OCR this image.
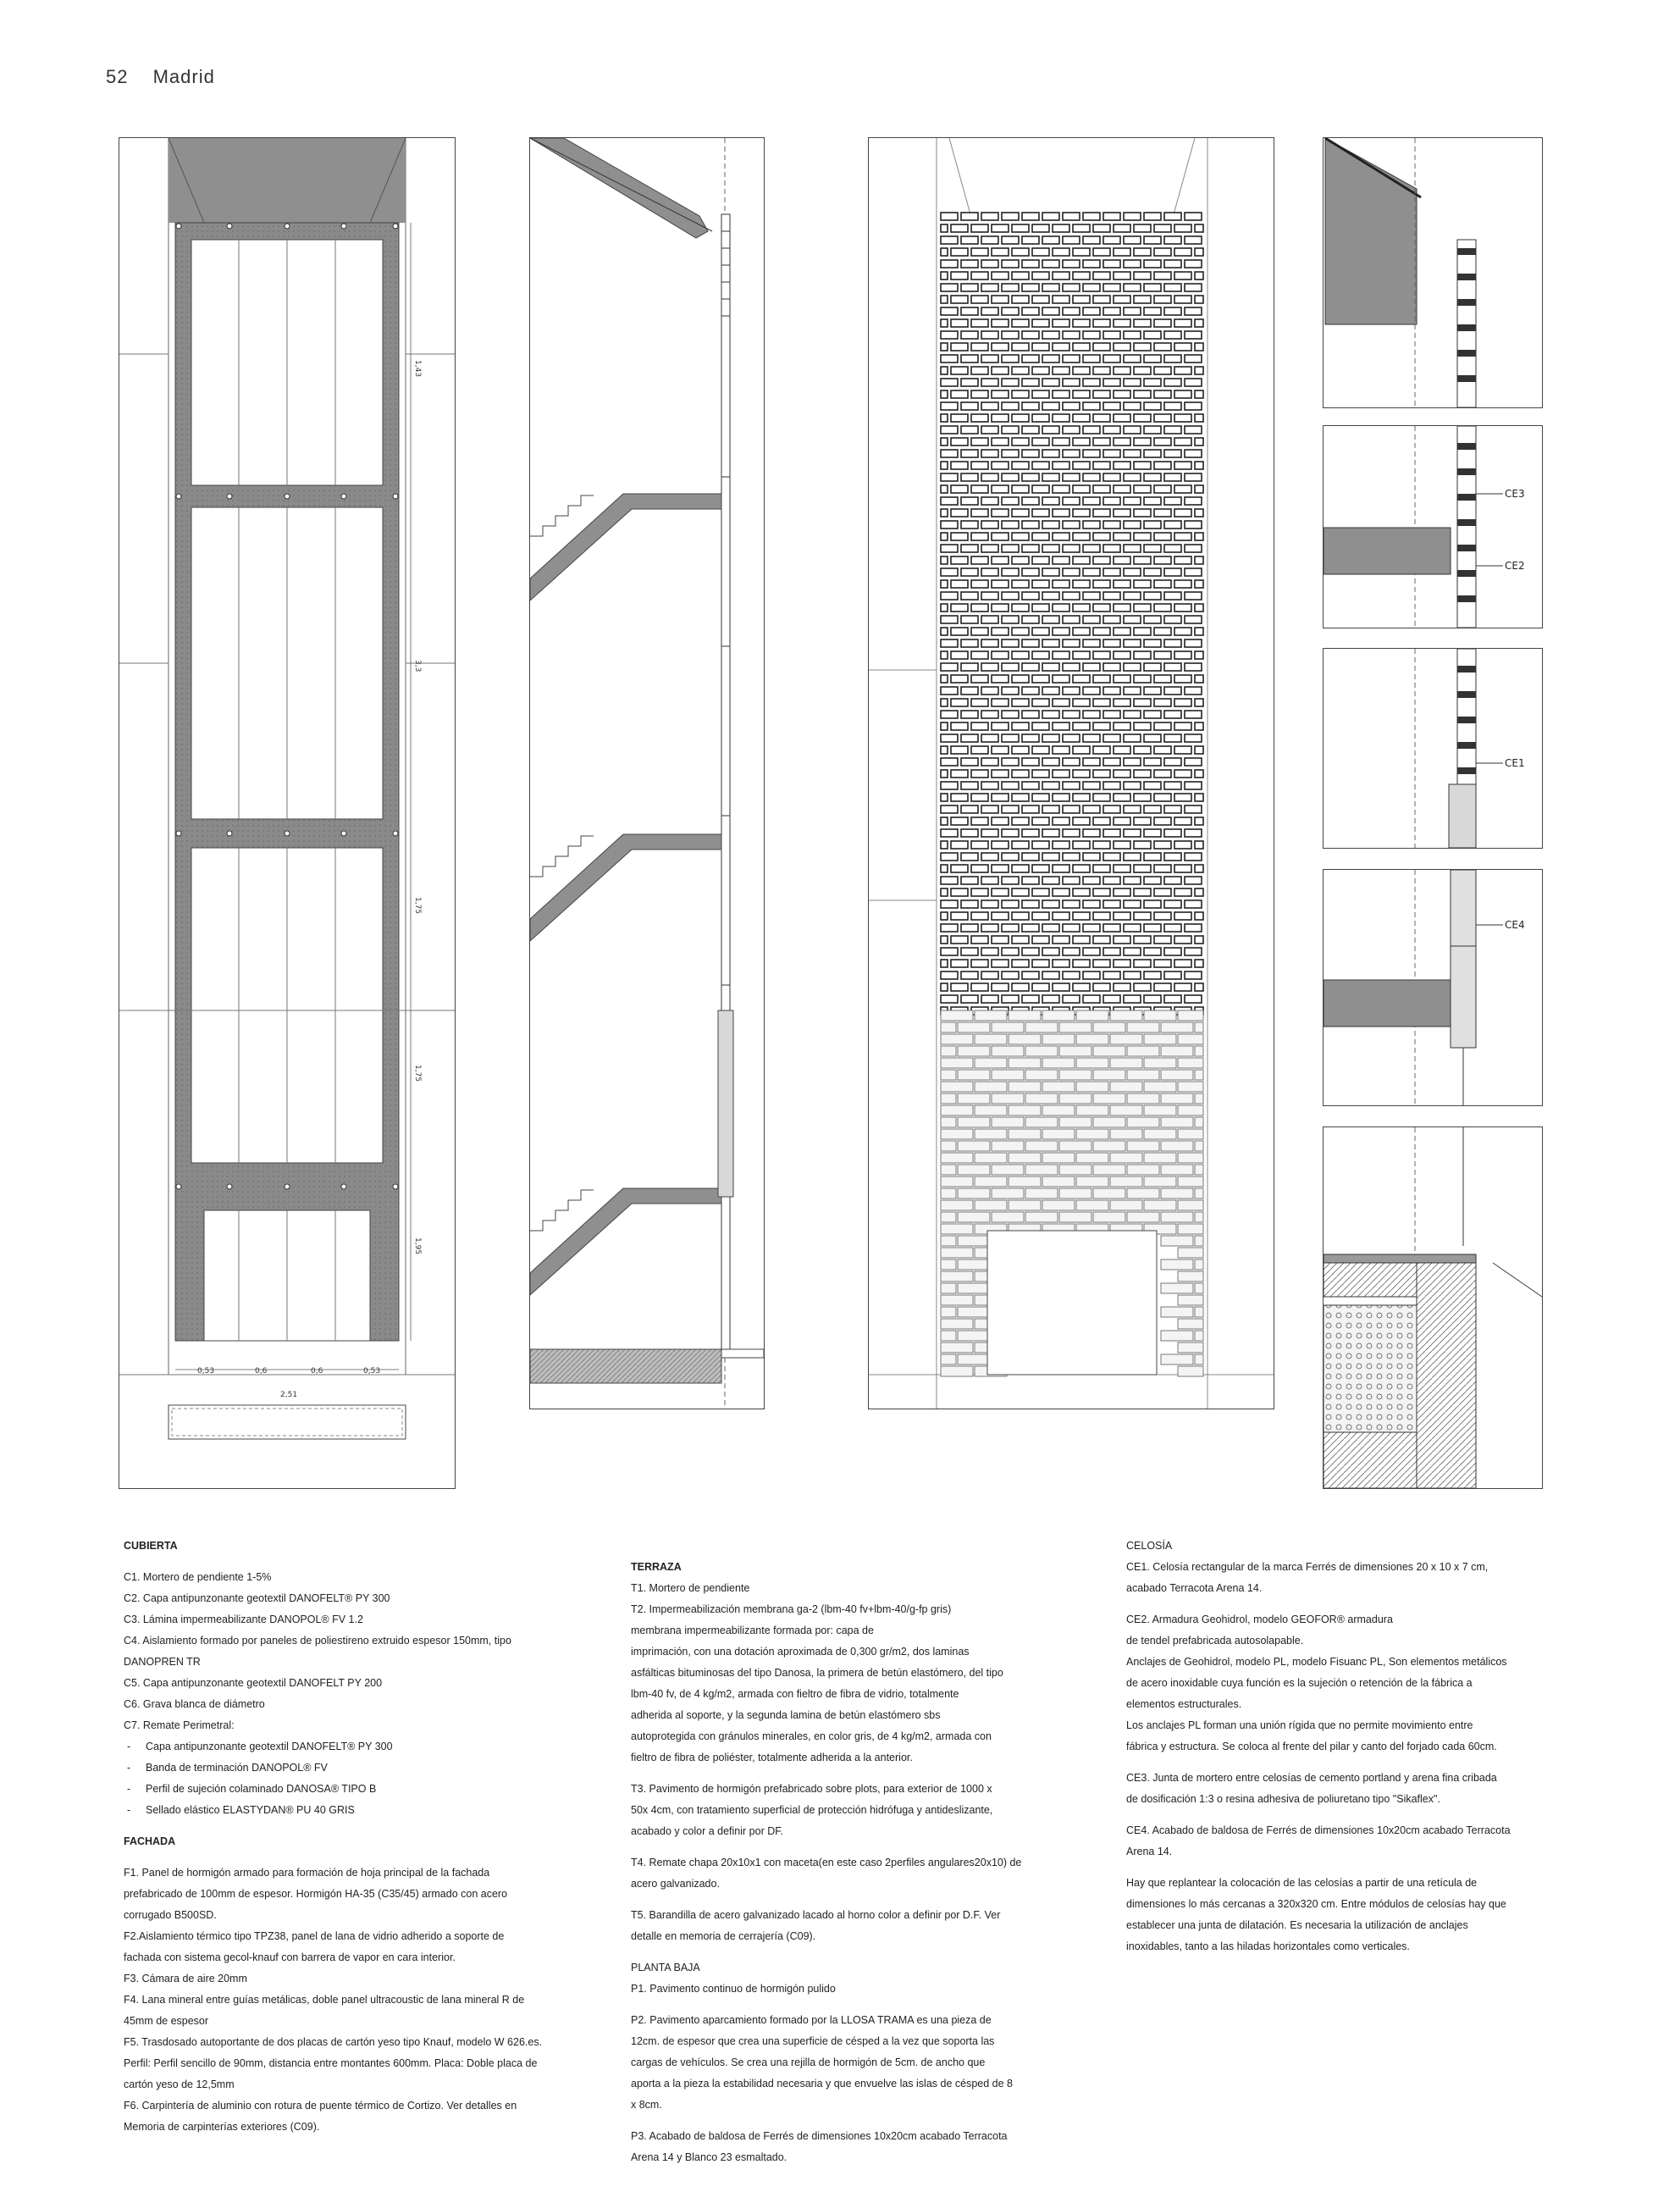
52 Madrid
1,43
3,3
1,75
1,75
1,95
0,53	0,6	0,6	0,53
2,51
CE3
CE2
CE1
CE4

CUBIERTA

C1. Mortero de pendiente 1-5%

C2. Capa antipunzonante geotextil DANOFELT® PY 300

C3. Lámina impermeabilizante DANOPOL® FV 1.2

C4. Aislamiento formado por paneles de poliestireno extruido espesor 150mm, tipo

DANOPREN TR

C5. Capa antipunzonante geotextil DANOFELT PY 200

C6. Grava blanca de diámetro

C7. Remate Perimetral:

- Capa antipunzonante geotextil DANOFELT® PY 300

- Banda de terminación DANOPOL® FV

- Perfil de sujeción colaminado DANOSA® TIPO B

- Sellado elástico ELASTYDAN® PU 40 GRIS

FACHADA

F1. Panel de hormigón armado para formación de hoja principal de la fachada

prefabricado de 100mm de espesor. Hormigón HA-35 (C35/45) armado con acero

corrugado B500SD.

F2.Aislamiento térmico tipo TPZ38, panel de lana de vidrio adherido a soporte de

fachada con sistema gecol-knauf con barrera de vapor en cara interior.

F3. Cámara de aire 20mm

F4. Lana mineral entre guías metálicas, doble panel ultracoustic de lana mineral R de

45mm de espesor

F5. Trasdosado autoportante de dos placas de cartón yeso tipo Knauf, modelo W 626.es.

Perfil: Perfil sencillo de 90mm, distancia entre montantes 600mm. Placa: Doble placa de

cartón yeso de 12,5mm

F6. Carpintería de aluminio con rotura de puente térmico de Cortizo. Ver detalles en

Memoria de carpinterías exteriores (C09).

TERRAZA

T1. Mortero de pendiente

T2. Impermeabilización membrana ga-2 (lbm-40 fv+lbm-40/g-fp gris)

membrana impermeabilizante formada por: capa de

imprimación, con una dotación aproximada de 0,300 gr/m2, dos laminas

asfálticas bituminosas del tipo Danosa, la primera de betún elastómero, del tipo

lbm-40 fv, de 4 kg/m2, armada con fieltro de fibra de vidrio, totalmente

adherida al soporte, y la segunda lamina de betún elastómero sbs

autoprotegida con gránulos minerales, en color gris, de 4 kg/m2, armada con

fieltro de fibra de poliéster, totalmente adherida a la anterior.

T3. Pavimento de hormigón prefabricado sobre plots, para exterior de 1000 x

50x 4cm, con tratamiento superficial de protección hidrófuga y antideslizante,

acabado y color a definir por DF.

T4. Remate chapa 20x10x1 con maceta(en este caso 2perfiles angulares20x10) de

acero galvanizado.

T5. Barandilla de acero galvanizado lacado al horno color a definir por D.F. Ver

detalle en memoria de cerrajería (C09).

PLANTA BAJA

P1. Pavimento continuo de hormigón pulido

P2. Pavimento aparcamiento formado por la LLOSA TRAMA es una pieza de

12cm. de espesor que crea una superficie de césped a la vez que soporta las

cargas de vehículos. Se crea una rejilla de hormigón de 5cm. de ancho que

aporta a la pieza la estabilidad necesaria y que envuelve las islas de césped de 8

x 8cm.

P3. Acabado de baldosa de Ferrés de dimensiones 10x20cm acabado Terracota

Arena 14 y Blanco 23 esmaltado.

CELOSÍA

CE1. Celosía rectangular de la marca Ferrés de dimensiones 20 x 10 x 7 cm,

acabado Terracota Arena 14.

CE2. Armadura Geohidrol, modelo GEOFOR® armadura

de tendel prefabricada autosolapable.

Anclajes de Geohidrol, modelo PL, modelo Fisuanc PL, Son elementos metálicos

de acero inoxidable cuya función es la sujeción o retención de la fábrica a

elementos estructurales.

Los anclajes PL forman una unión rígida que no permite movimiento entre

fábrica y estructura. Se coloca al frente del pilar y canto del forjado cada 60cm.

CE3. Junta de mortero entre celosías de cemento portland y arena fina cribada

de dosificación 1:3 o resina adhesiva de poliuretano tipo "Sikaflex".

CE4. Acabado de baldosa de Ferrés de dimensiones 10x20cm acabado Terracota

Arena 14.

Hay que replantear la colocación de las celosías a partir de una retícula de

dimensiones lo más cercanas a 320x320 cm. Entre módulos de celosías hay que

establecer una junta de dilatación. Es necesaria la utilización de anclajes

inoxidables, tanto a las hiladas horizontales como verticales.
